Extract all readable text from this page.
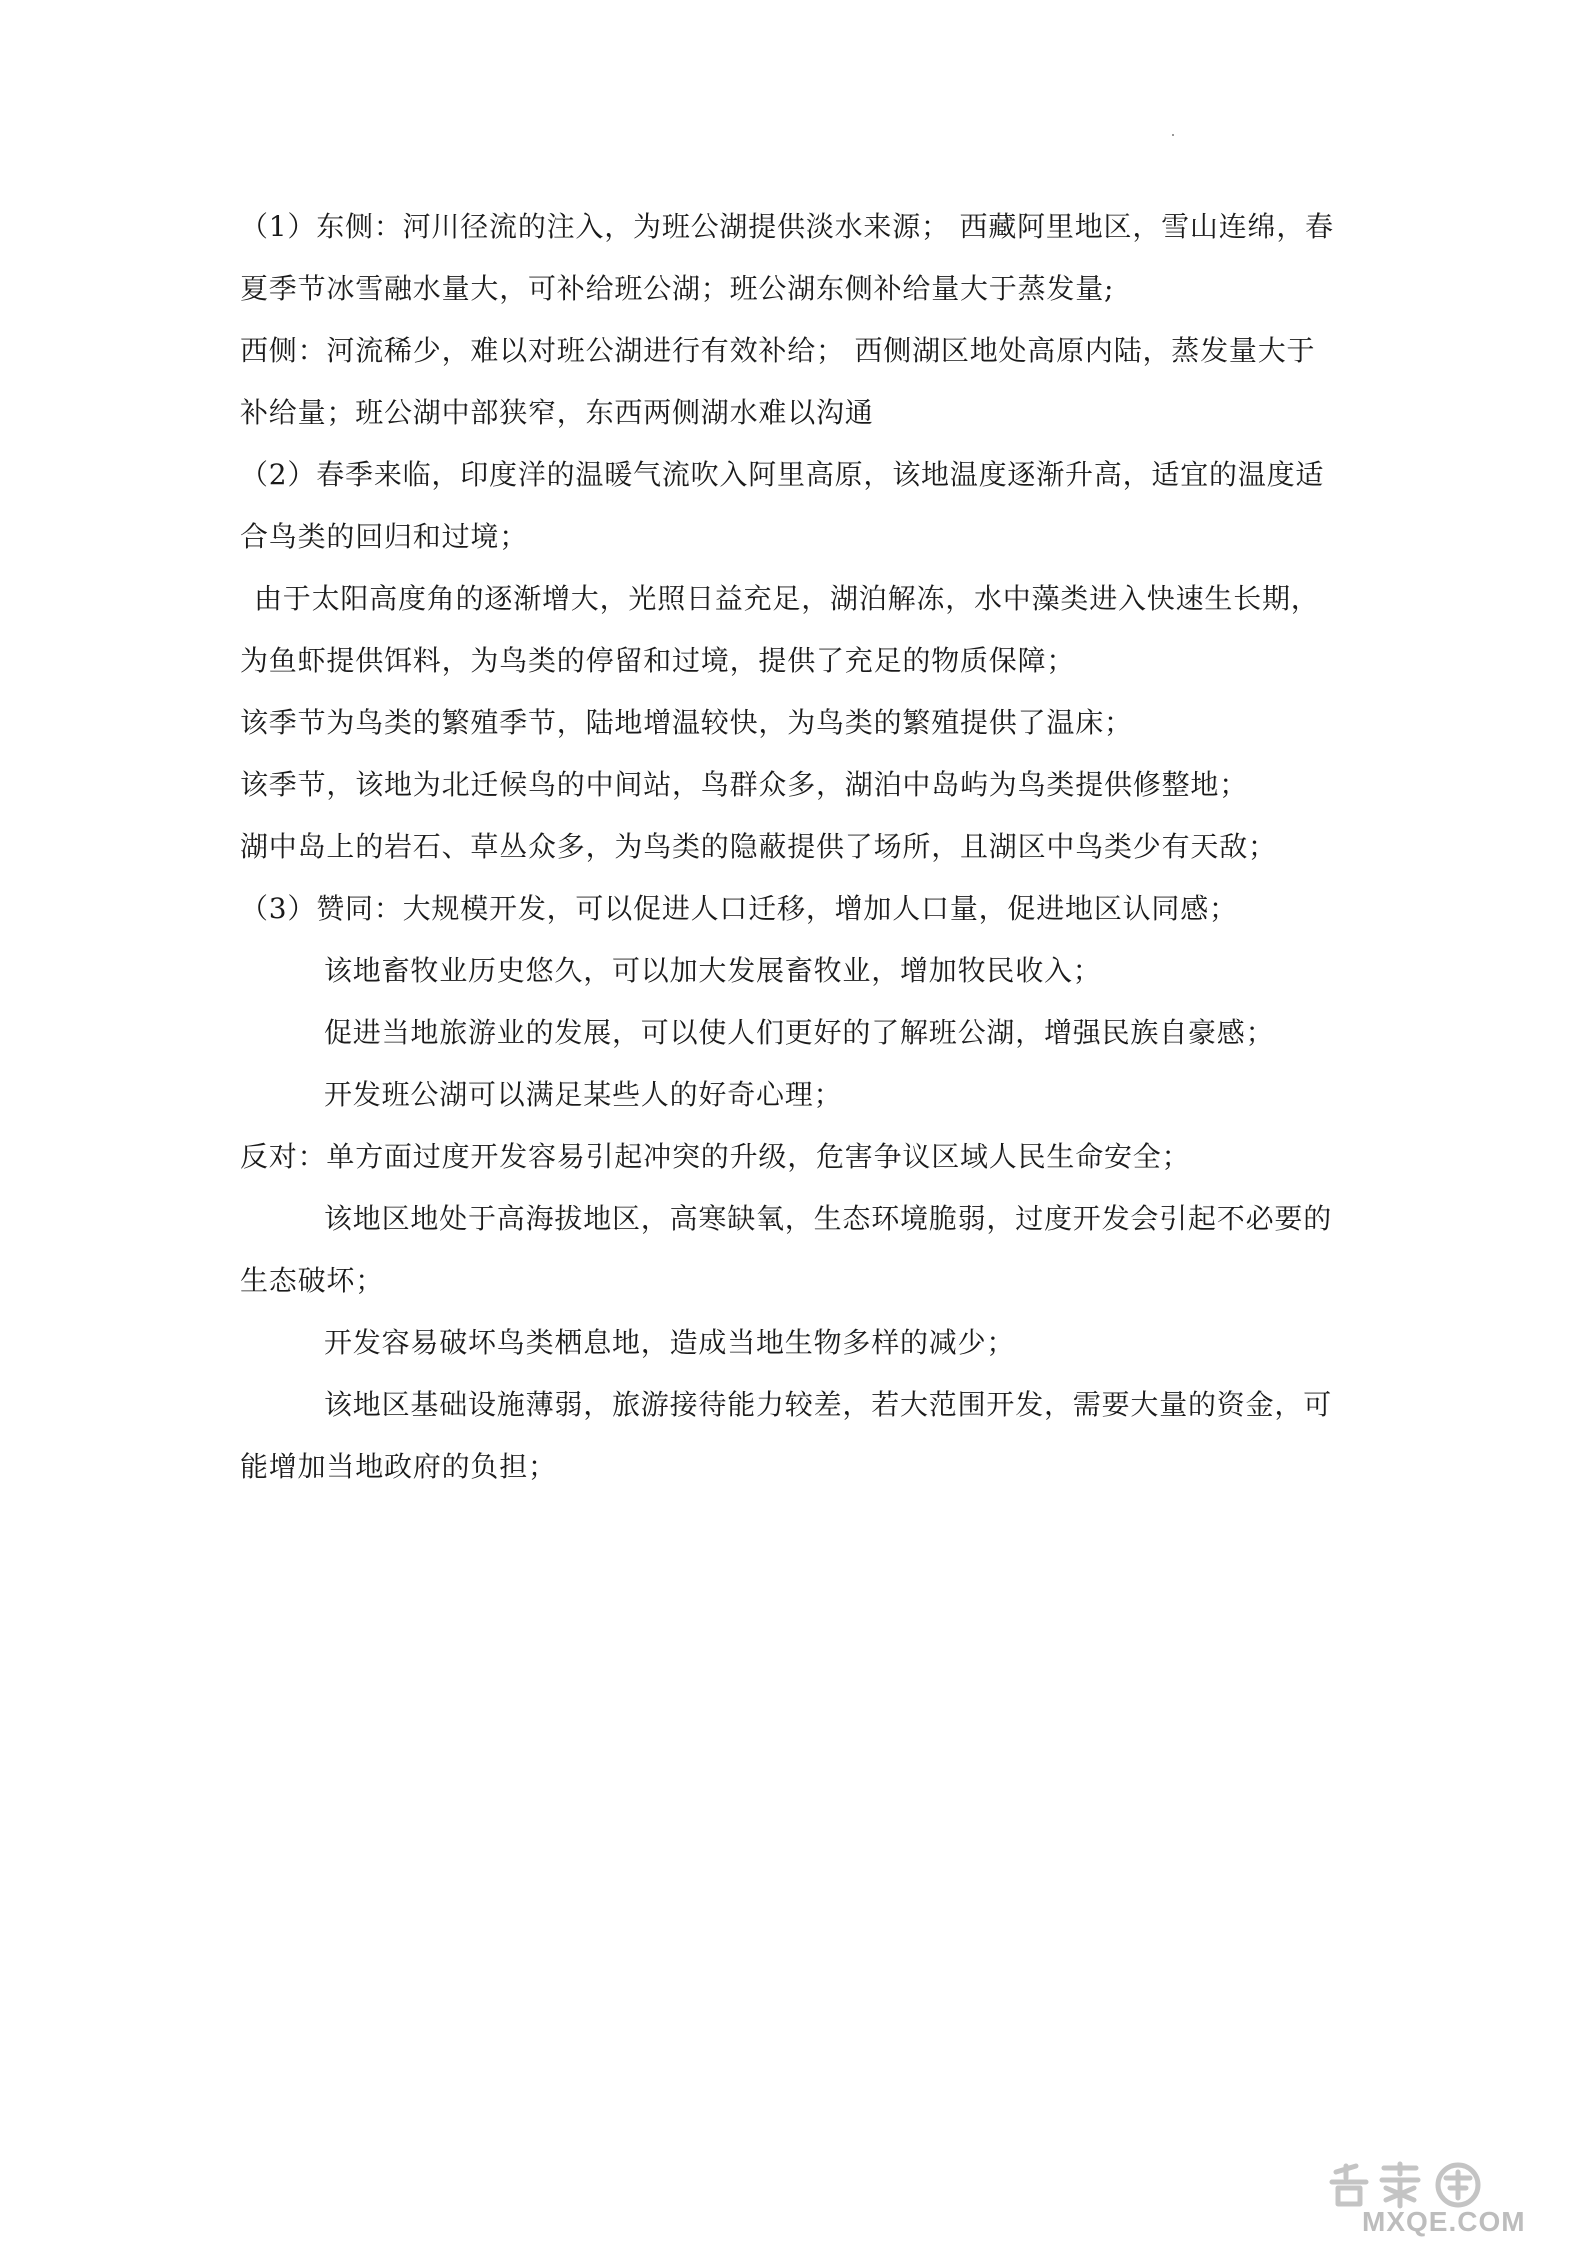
（1）东侧：河川径流的注入，为班公湖提供淡水来源； 西藏阿里地区，雪山连绵，春
夏季节冰雪融水量大，可补给班公湖；班公湖东侧补给量大于蒸发量;
西侧：河流稀少，难以对班公湖进行有效补给； 西侧湖区地处高原内陆，蒸发量大于
补给量；班公湖中部狭窄，东西两侧湖水难以沟通
（2）春季来临，印度洋的温暖气流吹入阿里高原，该地温度逐渐升高，适宜的温度适
合鸟类的回归和过境；
由于太阳高度角的逐渐增大，光照日益充足，湖泊解冻，水中藻类进入快速生长期，
为鱼虾提供饵料，为鸟类的停留和过境，提供了充足的物质保障；
该季节为鸟类的繁殖季节，陆地增温较快，为鸟类的繁殖提供了温床；
该季节，该地为北迁候鸟的中间站，鸟群众多，湖泊中岛屿为鸟类提供修整地；
湖中岛上的岩石、草丛众多，为鸟类的隐蔽提供了场所，且湖区中鸟类少有天敌；
（3）赞同：大规模开发，可以促进人口迁移，增加人口量，促进地区认同感；
该地畜牧业历史悠久，可以加大发展畜牧业，增加牧民收入；
促进当地旅游业的发展，可以使人们更好的了解班公湖，增强民族自豪感；
开发班公湖可以满足某些人的好奇心理；
反对：单方面过度开发容易引起冲突的升级，危害争议区域人民生命安全；
该地区地处于高海拔地区，高寒缺氧，生态环境脆弱，过度开发会引起不必要的
生态破坏；
开发容易破坏鸟类栖息地，造成当地生物多样的减少；
该地区基础设施薄弱，旅游接待能力较差，若大范围开发，需要大量的资金，可
能增加当地政府的负担；
MXQE.COM
